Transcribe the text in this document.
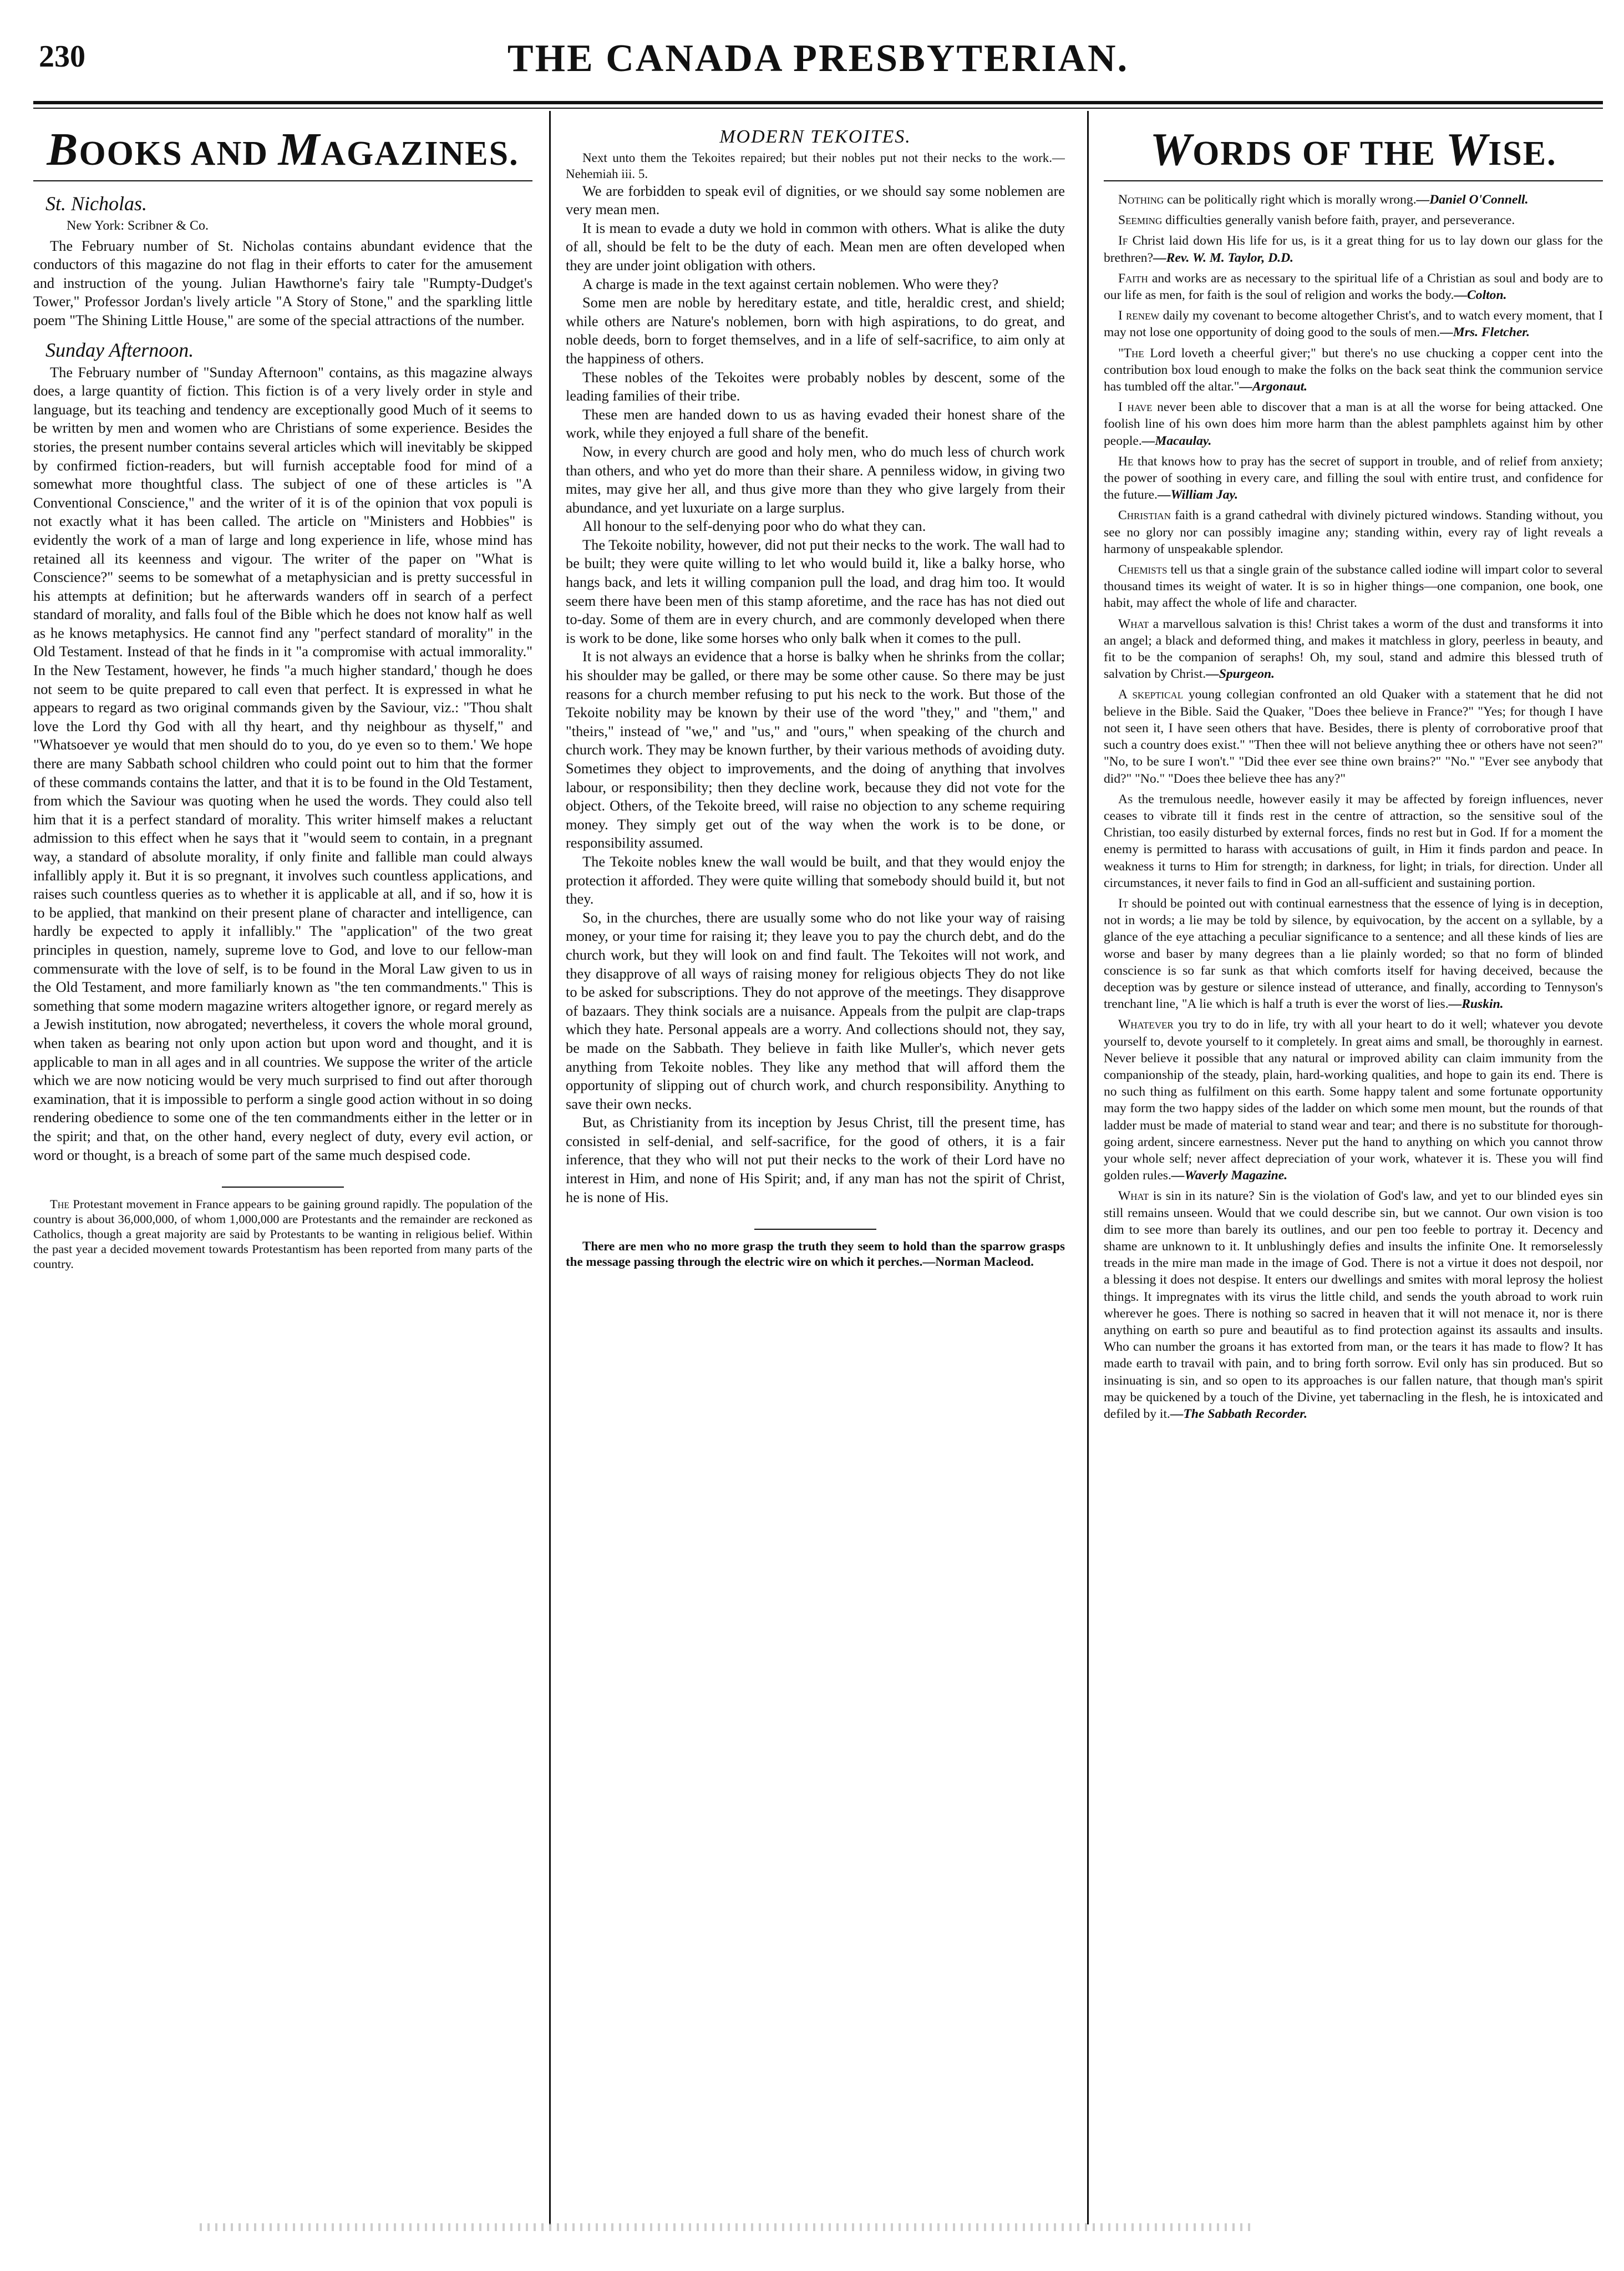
230	THE CANADA PRESBYTERIAN.
BOOKS AND MAGAZINES.
St. Nicholas.
New York: Scribner & Co.

The February number of St. Nicholas contains abundant evidence that the conductors of this magazine do not flag in their efforts to cater for the amusement and instruction of the young. Julian Hawthorne's fairy tale "Rumpty-Dudget's Tower," Professor Jordan's lively article "A Story of Stone," and the sparkling little poem "The Shining Little House," are some of the special attractions of the number.

Sunday Afternoon.

The February number of "Sunday Afternoon" contains, as this magazine always does, a large quantity of fiction. This fiction is of a very lively order in style and language, but its teaching and tendency are exceptionally good Much of it seems to be written by men and women who are Christians of some experience. Besides the stories, the present number contains several articles which will inevitably be skipped by confirmed fiction-readers, but will furnish acceptable food for mind of a somewhat more thoughtful class. The subject of one of these articles is "A Conventional Conscience," and the writer of it is of the opinion that vox populi is not exactly what it has been called. The article on "Ministers and Hobbies" is evidently the work of a man of large and long experience in life, whose mind has retained all its keenness and vigour. The writer of the paper on "What is Conscience?" seems to be somewhat of a metaphysician and is pretty successful in his attempts at definition; but he afterwards wanders off in search of a perfect standard of morality, and falls foul of the Bible which he does not know half as well as he knows metaphysics. He cannot find any "perfect standard of morality" in the Old Testament. Instead of that he finds in it "a compromise with actual immorality." In the New Testament, however, he finds "a much higher standard,' though he does not seem to be quite prepared to call even that perfect. It is expressed in what he appears to regard as two original commands given by the Saviour, viz.: "Thou shalt love the Lord thy God with all thy heart, and thy neighbour as thyself," and "Whatsoever ye would that men should do to you, do ye even so to them.' We hope there are many Sabbath school children who could point out to him that the former of these commands contains the latter, and that it is to be found in the Old Testament, from which the Saviour was quoting when he used the words. They could also tell him that it is a perfect standard of morality. This writer himself makes a reluctant admission to this effect when he says that it "would seem to contain, in a pregnant way, a standard of absolute morality, if only finite and fallible man could always infallibly apply it. But it is so pregnant, it involves such countless applications, and raises such countless queries as to whether it is applicable at all, and if so, how it is to be applied, that mankind on their present plane of character and intelligence, can hardly be expected to apply it infallibly." The "application" of the two great principles in question, namely, supreme love to God, and love to our fellow-man commensurate with the love of self, is to be found in the Moral Law given to us in the Old Testament, and more familiarly known as "the ten commandments." This is something that some modern magazine writers altogether ignore, or regard merely as a Jewish institution, now abrogated; nevertheless, it covers the whole moral ground, when taken as bearing not only upon action but upon word and thought, and it is applicable to man in all ages and in all countries. We suppose the writer of the article which we are now noticing would be very much surprised to find out after thorough examination, that it is impossible to perform a single good action without in so doing rendering obedience to some one of the ten commandments either in the letter or in the spirit; and that, on the other hand, every neglect of duty, every evil action, or word or thought, is a breach of some part of the same much despised code.

The Protestant movement in France appears to be gaining ground rapidly. The population of the country is about 36,000,000, of whom 1,000,000 are Protestants and the remainder are reckoned as Catholics, though a great majority are said by Protestants to be wanting in religious belief. Within the past year a decided movement towards Protestantism has been reported from many parts of the country.

MODERN TEKOITES.

Next unto them the Tekoites repaired; but their nobles put not their necks to the work.—Nehemiah iii. 5.

We are forbidden to speak evil of dignities, or we should say some noblemen are very mean men.

It is mean to evade a duty we hold in common with others. What is alike the duty of all, should be felt to be the duty of each. Mean men are often developed when they are under joint obligation with others.

A charge is made in the text against certain noblemen. Who were they?

Some men are noble by hereditary estate, and title, heraldic crest, and shield; while others are Nature's noblemen, born with high aspirations, to do great, and noble deeds, born to forget themselves, and in a life of self-sacrifice, to aim only at the happiness of others.

These nobles of the Tekoites were probably nobles by descent, some of the leading families of their tribe.

These men are handed down to us as having evaded their honest share of the work, while they enjoyed a full share of the benefit.

Now, in every church are good and holy men, who do much less of church work than others, and who yet do more than their share. A penniless widow, in giving two mites, may give her all, and thus give more than they who give largely from their abundance, and yet luxuriate on a large surplus.

All honour to the self-denying poor who do what they can.

The Tekoite nobility, however, did not put their necks to the work. The wall had to be built; they were quite willing to let who would build it, like a balky horse, who hangs back, and lets it willing companion pull the load, and drag him too. It would seem there have been men of this stamp aforetime, and the race has has not died out to-day. Some of them are in every church, and are commonly developed when there is work to be done, like some horses who only balk when it comes to the pull.

It is not always an evidence that a horse is balky when he shrinks from the collar; his shoulder may be galled, or there may be some other cause. So there may be just reasons for a church member refusing to put his neck to the work. But those of the Tekoite nobility may be known by their use of the word "they," and "them," and "theirs," instead of "we," and "us," and "ours," when speaking of the church and church work. They may be known further, by their various methods of avoiding duty. Sometimes they object to improvements, and the doing of anything that involves labour, or responsibility; then they decline work, because they did not vote for the object. Others, of the Tekoite breed, will raise no objection to any scheme requiring money. They simply get out of the way when the work is to be done, or responsibility assumed.

The Tekoite nobles knew the wall would be built, and that they would enjoy the protection it afforded. They were quite willing that somebody should build it, but not they.

So, in the churches, there are usually some who do not like your way of raising money, or your time for raising it; they leave you to pay the church debt, and do the church work, but they will look on and find fault. The Tekoites will not work, and they disapprove of all ways of raising money for religious objects They do not like to be asked for subscriptions. They do not approve of the meetings. They disapprove of bazaars. They think socials are a nuisance. Appeals from the pulpit are clap-traps which they hate. Personal appeals are a worry. And collections should not, they say, be made on the Sabbath. They believe in faith like Muller's, which never gets anything from Tekoite nobles. They like any method that will afford them the opportunity of slipping out of church work, and church responsibility. Anything to save their own necks.

But, as Christianity from its inception by Jesus Christ, till the present time, has consisted in self-denial, and self-sacrifice, for the good of others, it is a fair inference, that they who will not put their necks to the work of their Lord have no interest in Him, and none of His Spirit; and, if any man has not the spirit of Christ, he is none of His.

There are men who no more grasp the truth they seem to hold than the sparrow grasps the message passing through the electric wire on which it perches.—Norman Macleod.

WORDS OF THE WISE.

Nothing can be politically right which is morally wrong.—Daniel O'Connell.

Seeming difficulties generally vanish before faith, prayer, and perseverance.

If Christ laid down His life for us, is it a great thing for us to lay down our glass for the brethren?—Rev. W. M. Taylor, D.D.

Faith and works are as necessary to the spiritual life of a Christian as soul and body are to our life as men, for faith is the soul of religion and works the body.—Colton.

I renew daily my covenant to become altogether Christ's, and to watch every moment, that I may not lose one opportunity of doing good to the souls of men.—Mrs. Fletcher.

"The Lord loveth a cheerful giver;" but there's no use chucking a copper cent into the contribution box loud enough to make the folks on the back seat think the communion service has tumbled off the altar."—Argonaut.

I have never been able to discover that a man is at all the worse for being attacked. One foolish line of his own does him more harm than the ablest pamphlets against him by other people.—Macaulay.

He that knows how to pray has the secret of support in trouble, and of relief from anxiety; the power of soothing in every care, and filling the soul with entire trust, and confidence for the future.—William Jay.

Christian faith is a grand cathedral with divinely pictured windows. Standing without, you see no glory nor can possibly imagine any; standing within, every ray of light reveals a harmony of unspeakable splendor.

Chemists tell us that a single grain of the substance called iodine will impart color to several thousand times its weight of water. It is so in higher things—one companion, one book, one habit, may affect the whole of life and character.

What a marvellous salvation is this! Christ takes a worm of the dust and transforms it into an angel; a black and deformed thing, and makes it matchless in glory, peerless in beauty, and fit to be the companion of seraphs! Oh, my soul, stand and admire this blessed truth of salvation by Christ.—Spurgeon.

A skeptical young collegian confronted an old Quaker with a statement that he did not believe in the Bible. Said the Quaker, "Does thee believe in France?" "Yes; for though I have not seen it, I have seen others that have. Besides, there is plenty of corroborative proof that such a country does exist." "Then thee will not believe anything thee or others have not seen?" "No, to be sure I won't." "Did thee ever see thine own brains?" "No." "Ever see anybody that did?" "No." "Does thee believe thee has any?"

As the tremulous needle, however easily it may be affected by foreign influences, never ceases to vibrate till it finds rest in the centre of attraction, so the sensitive soul of the Christian, too easily disturbed by external forces, finds no rest but in God. If for a moment the enemy is permitted to harass with accusations of guilt, in Him it finds pardon and peace. In weakness it turns to Him for strength; in darkness, for light; in trials, for direction. Under all circumstances, it never fails to find in God an all-sufficient and sustaining portion.

It should be pointed out with continual earnestness that the essence of lying is in deception, not in words; a lie may be told by silence, by equivocation, by the accent on a syllable, by a glance of the eye attaching a peculiar significance to a sentence; and all these kinds of lies are worse and baser by many degrees than a lie plainly worded; so that no form of blinded conscience is so far sunk as that which comforts itself for having deceived, because the deception was by gesture or silence instead of utterance, and finally, according to Tennyson's trenchant line, "A lie which is half a truth is ever the worst of lies.—Ruskin.

Whatever you try to do in life, try with all your heart to do it well; whatever you devote yourself to, devote yourself to it completely. In great aims and small, be thoroughly in earnest. Never believe it possible that any natural or improved ability can claim immunity from the companionship of the steady, plain, hard-working qualities, and hope to gain its end. There is no such thing as fulfilment on this earth. Some happy talent and some fortunate opportunity may form the two happy sides of the ladder on which some men mount, but the rounds of that ladder must be made of material to stand wear and tear; and there is no substitute for thorough-going ardent, sincere earnestness. Never put the hand to anything on which you cannot throw your whole self; never affect depreciation of your work, whatever it is. These you will find golden rules.—Waverly Magazine.

What is sin in its nature? Sin is the violation of God's law, and yet to our blinded eyes sin still remains unseen. Would that we could describe sin, but we cannot. Our own vision is too dim to see more than barely its outlines, and our pen too feeble to portray it. Decency and shame are unknown to it. It unblushingly defies and insults the infinite One. It remorselessly treads in the mire man made in the image of God. There is not a virtue it does not despoil, nor a blessing it does not despise. It enters our dwellings and smites with moral leprosy the holiest things. It impregnates with its virus the little child, and sends the youth abroad to work ruin wherever he goes. There is nothing so sacred in heaven that it will not menace it, nor is there anything on earth so pure and beautiful as to find protection against its assaults and insults. Who can number the groans it has extorted from man, or the tears it has made to flow? It has made earth to travail with pain, and to bring forth sorrow. Evil only has sin produced. But so insinuating is sin, and so open to its approaches is our fallen nature, that though man's spirit may be quickened by a touch of the Divine, yet tabernacling in the flesh, he is intoxicated and defiled by it.—The Sabbath Recorder.
